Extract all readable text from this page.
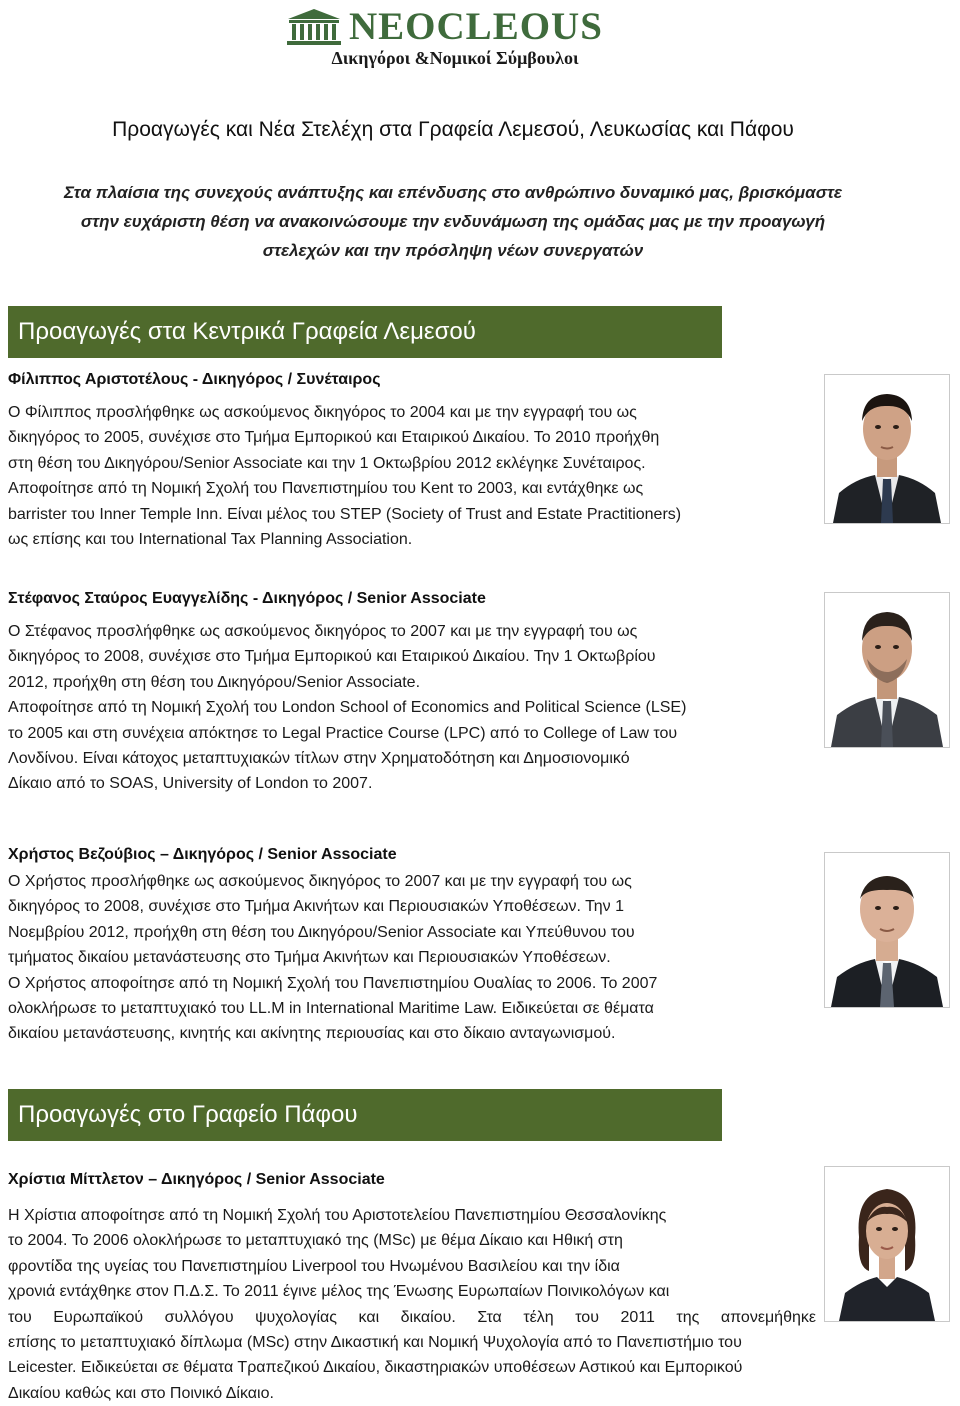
NEOCLEOUS
Δικηγόροι &Νομικοί Σύμβουλοι
Προαγωγές και Νέα Στελέχη στα Γραφεία Λεμεσού, Λευκωσίας και Πάφου
Στα πλαίσια της συνεχούς ανάπτυξης και επένδυσης στο ανθρώπινο δυναμικό μας, βρισκόμαστε
στην ευχάριστη θέση να ανακοινώσουμε την ενδυνάμωση της ομάδας μας με την προαγωγή
στελεχών και την πρόσληψη νέων συνεργατών
Προαγωγές στα Κεντρικά Γραφεία Λεμεσού
Φίλιππος Αριστοτέλους - Δικηγόρος / Συνέταιρος

Ο Φίλιππος προσλήφθηκε ως ασκούμενος δικηγόρος το 2004 και με την εγγραφή του ως

δικηγόρος το 2005, συνέχισε στο Τμήμα Εμπορικού και Εταιρικού Δικαίου. Το 2010 προήχθη

στη θέση του Δικηγόρου/Senior Associate και την 1 Οκτωβρίου 2012 εκλέγηκε Συνέταιρος.

Αποφοίτησε από τη Νομική Σχολή του Πανεπιστημίου του Kent το 2003, και εντάχθηκε ως

barrister του Inner Temple Inn. Είναι μέλος του STEP (Society of Trust and Estate Practitioners)

ως επίσης και του International Tax Planning Association.

Στέφανος Σταύρος Ευαγγελίδης - Δικηγόρος / Senior Associate

Ο Στέφανος προσλήφθηκε ως ασκούμενος δικηγόρος το 2007 και με την εγγραφή του ως

δικηγόρος το 2008, συνέχισε στο Τμήμα Εμπορικού και Εταιρικού Δικαίου. Την 1 Οκτωβρίου

2012, προήχθη στη θέση του Δικηγόρου/Senior Associate.

Αποφοίτησε από τη Νομική Σχολή του London School of Economics and Political Science (LSE)

το 2005 και στη συνέχεια απόκτησε το Legal Practice Course (LPC) από το College of Law του

Λονδίνου. Είναι κάτοχος μεταπτυχιακών τίτλων στην Χρηματοδότηση και Δημοσιονομικό

Δίκαιο από το SOAS, University of London το 2007.

Χρήστος Βεζούβιος – Δικηγόρος / Senior Associate

Ο Χρήστος προσλήφθηκε ως ασκούμενος δικηγόρος το 2007 και με την εγγραφή του ως

δικηγόρος το 2008, συνέχισε στο Τμήμα Ακινήτων και Περιουσιακών Υποθέσεων. Την 1

Νοεμβρίου 2012, προήχθη στη θέση του Δικηγόρου/Senior Associate και Υπεύθυνου του

τμήματος δικαίου μετανάστευσης στο Τμήμα Ακινήτων και Περιουσιακών Υποθέσεων.

Ο Χρήστος αποφοίτησε από τη Νομική Σχολή του Πανεπιστημίου Ουαλίας το 2006. Το 2007

ολοκλήρωσε το μεταπτυχιακό του LL.M in International Maritime Law. Ειδικεύεται σε θέματα

δικαίου μετανάστευσης, κινητής και ακίνητης περιουσίας και στο δίκαιο ανταγωνισμού.

Προαγωγές στο Γραφείο Πάφου
Χρίστια Μίττλετον – Δικηγόρος / Senior Associate

Η Χρίστια αποφοίτησε από τη Νομική Σχολή του Αριστοτελείου Πανεπιστημίου Θεσσαλονίκης

το 2004. Το 2006 ολοκλήρωσε το μεταπτυχιακό της (MSc) με θέμα Δίκαιο και Ηθική στη

φροντίδα της υγείας του Πανεπιστημίου Liverpool του Ηνωμένου Βασιλείου και την ίδια

χρονιά εντάχθηκε στον Π.Δ.Σ. Το 2011 έγινε μέλος της Ένωσης Ευρωπαίων Ποινικολόγων και

του Ευρωπαϊκού συλλόγου ψυχολογίας και δικαίου. Στα τέλη του 2011 της απονεμήθηκε

επίσης το μεταπτυχιακό δίπλωμα (MSc) στην Δικαστική και Νομική Ψυχολογία από το Πανεπιστήμιο του

Leicester. Ειδικεύεται σε θέματα Τραπεζικού Δικαίου, δικαστηριακών υποθέσεων Αστικού και Εμπορικού

Δικαίου καθώς και στο Ποινικό Δίκαιο.
